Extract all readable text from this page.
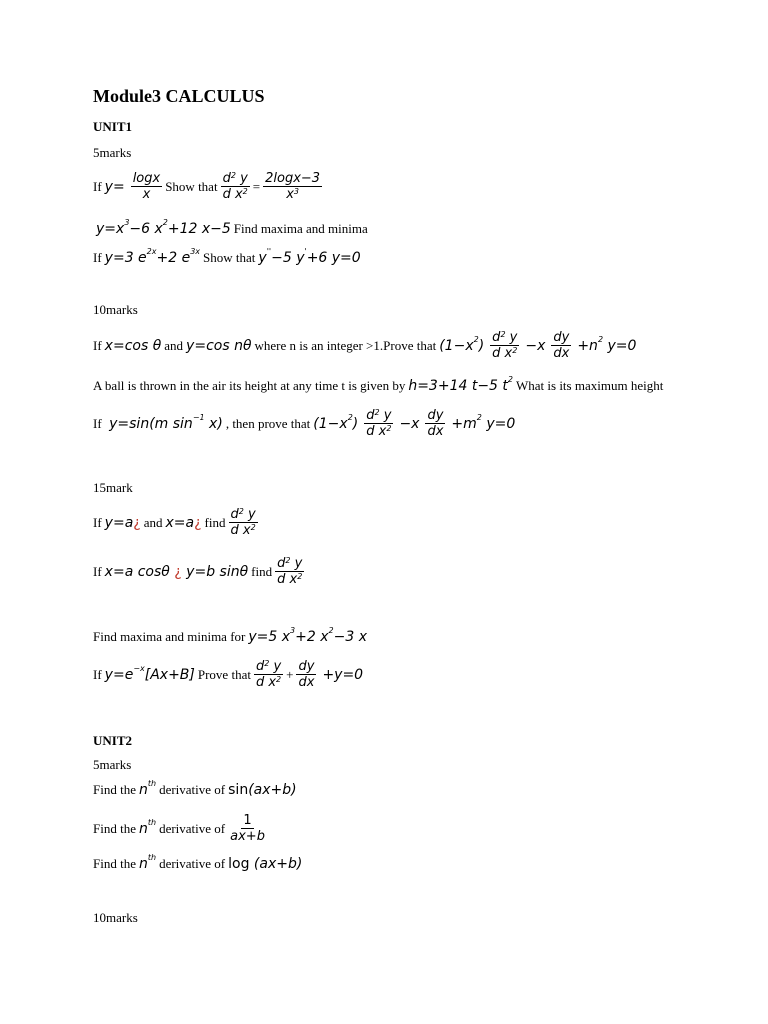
Module3 CALCULUS
UNIT1
5marks
If $y= \frac{\log x}{x}$ Show that $\frac{d^2 y}{d x^2} = \frac{2\log x-3}{x^3}$
$y=x^3-6$ $x^2+12$ x−5 Find maxima and minima
If y=3 $e^{2x}+2$ $e^{3x}$ Show that y''−5 y'+6 y=0
10marks
If x=cos θ and y=cos nθ where n is an integer >1.Prove that $(1-x^2) \frac{d^2 y}{d x^2} -x \frac{dy}{dx} +n^2$ y=0
A ball is thrown in the air its height at any time t is given by h=3+14 t−5 $t^2$ What is its maximum height
If y=sin(m $\sin^{-1} x$) , then prove that $(1-x^2) \frac{d^2 y}{d x^2} -x \frac{dy}{dx} +m^2$ y=0
15mark
If y=a¿ and x=a¿ find $\frac{d^2 y}{d x^2}$
If x=a cosθ ¿ y=b sinθ find $\frac{d^2 y}{d x^2}$
Find maxima and minima for y=5 $x^3+2$ $x^2-3$ x
If $y=e^{-x}[Ax+B]$ Prove that $\frac{d^2 y}{d x^2} + \frac{dy}{dx} +y=0$
UNIT2
5marks
Find the $n^{th}$ derivative of sin(ax+b)
Find the $n^{th}$ derivative of $\frac{1}{ax+b}$
Find the $n^{th}$ derivative of log (ax+b)
10marks
